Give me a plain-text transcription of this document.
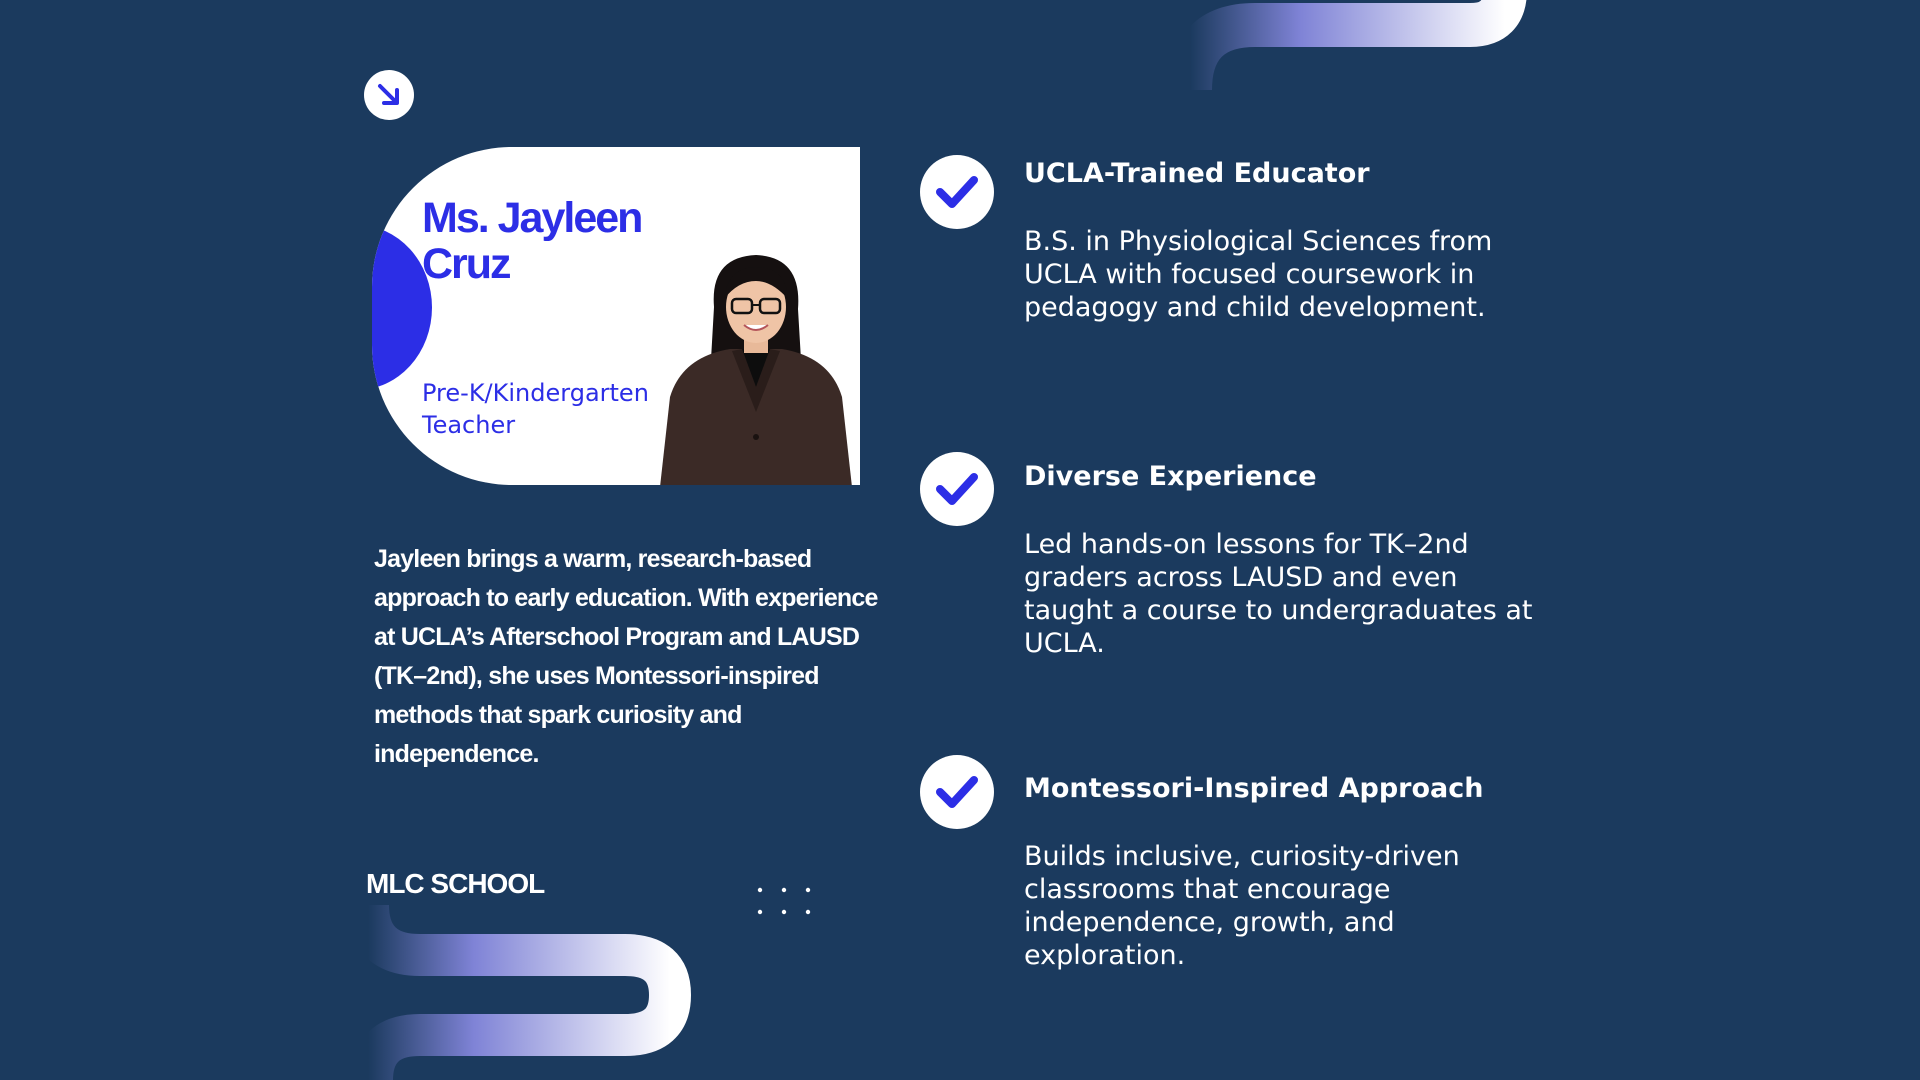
Ms. Jayleen Cruz
Pre-K/Kindergarten Teacher
Jayleen brings a warm, research-based approach to early education. With experience at UCLA’s Afterschool Program and LAUSD (TK–2nd), she uses Montessori-inspired methods that spark curiosity and independence.
MLC SCHOOL
UCLA-Trained Educator
B.S. in Physiological Sciences from UCLA with focused coursework in pedagogy and child development.
Diverse Experience
Led hands-on lessons for TK–2nd graders across LAUSD and even taught a course to undergraduates at UCLA.
Montessori-Inspired Approach
Builds inclusive, curiosity-driven classrooms that encourage independence, growth, and exploration.
